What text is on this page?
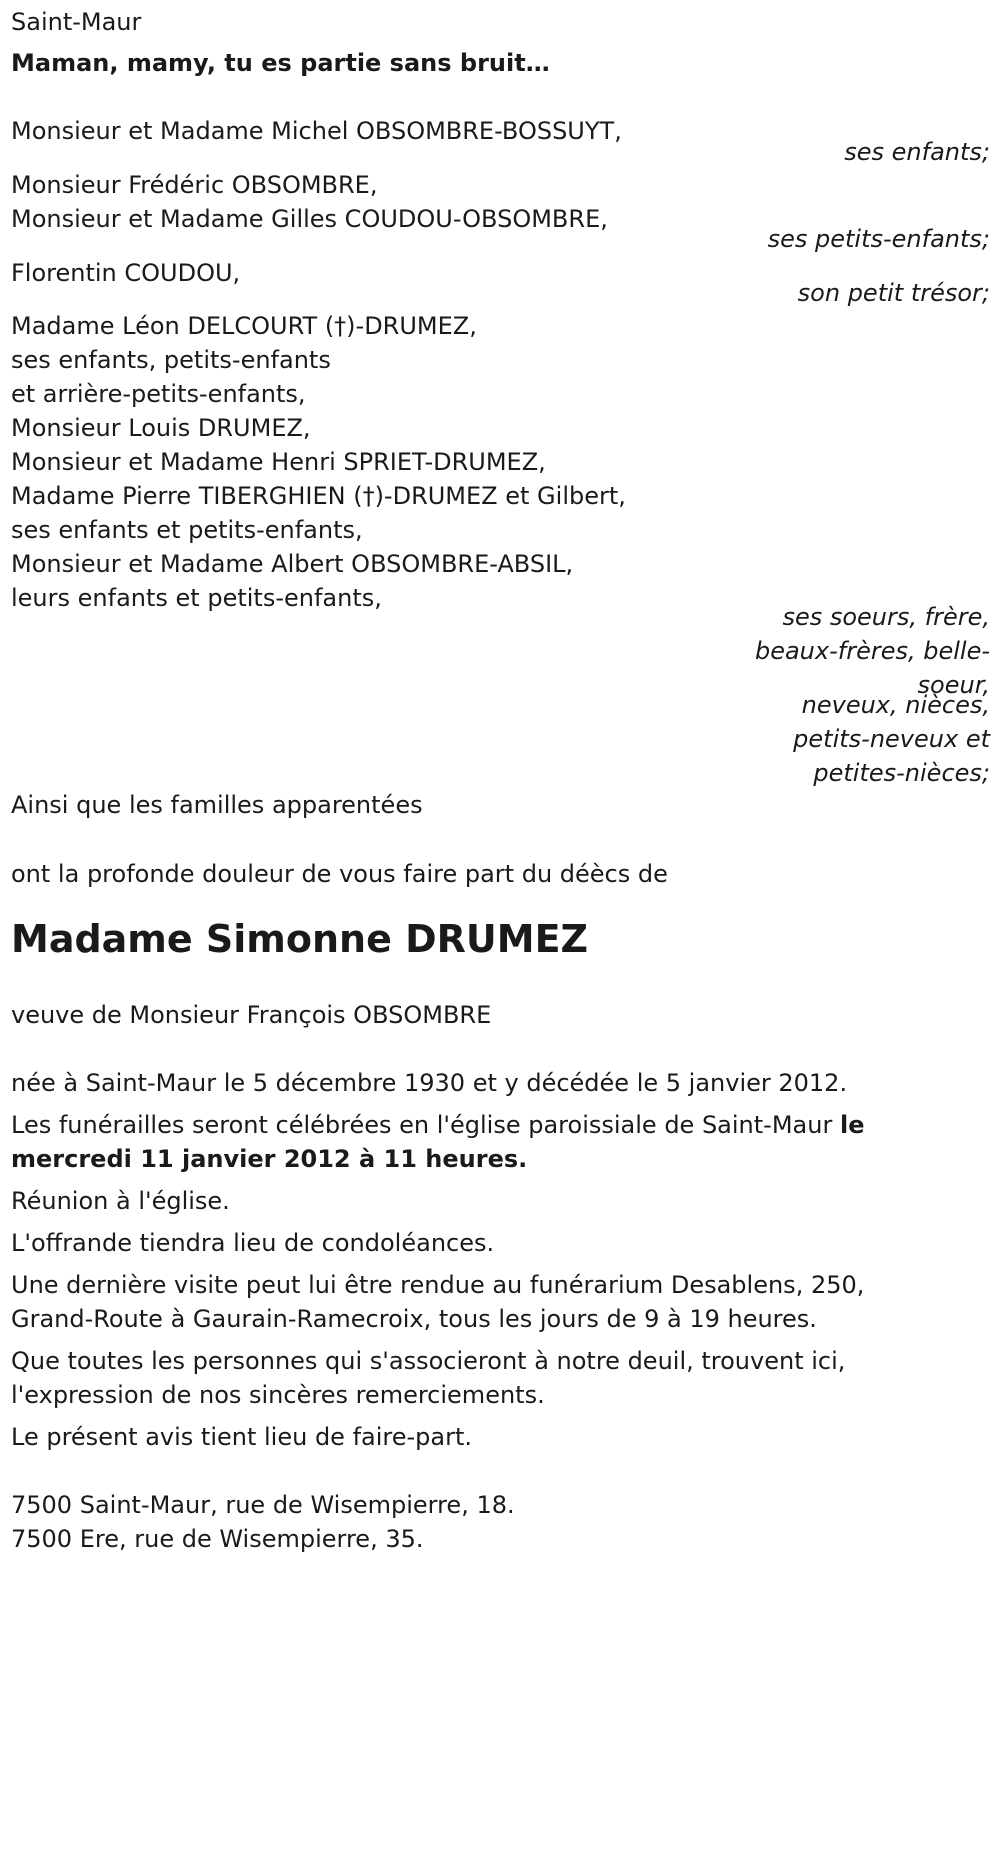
Saint-Maur
Maman, mamy, tu es partie sans bruit…
Monsieur et Madame Michel OBSOMBRE-BOSSUYT,
ses enfants;
Monsieur Frédéric OBSOMBRE,
Monsieur et Madame Gilles COUDOU-OBSOMBRE,
ses petits-enfants;
Florentin COUDOU,
son petit trésor;
Madame Léon DELCOURT (†)-DRUMEZ,
ses enfants, petits-enfants
et arrière-petits-enfants,
Monsieur Louis DRUMEZ,
Monsieur et Madame Henri SPRIET-DRUMEZ,
Madame Pierre TIBERGHIEN (†)-DRUMEZ et Gilbert,
ses enfants et petits-enfants,
Monsieur et Madame Albert OBSOMBRE-ABSIL,
leurs enfants et petits-enfants,
ses soeurs, frère,
beaux-frères, belle-
soeur,
neveux, nièces,
petits-neveux et
petites-nièces;
Ainsi que les familles apparentées
ont la profonde douleur de vous faire part du déècs de
Madame Simonne DRUMEZ
veuve de Monsieur François OBSOMBRE
née à Saint-Maur le 5 décembre 1930 et y décédée le 5 janvier 2012.
Les funérailles seront célébrées en l'église paroissiale de Saint-Maur le
mercredi 11 janvier 2012 à 11 heures.
Réunion à l'église.
L'offrande tiendra lieu de condoléances.
Une dernière visite peut lui être rendue au funérarium Desablens, 250,
Grand-Route à Gaurain-Ramecroix, tous les jours de 9 à 19 heures.
Que toutes les personnes qui s'associeront à notre deuil, trouvent ici,
l'expression de nos sincères remerciements.
Le présent avis tient lieu de faire-part.
7500 Saint-Maur, rue de Wisempierre, 18.
7500 Ere, rue de Wisempierre, 35.
